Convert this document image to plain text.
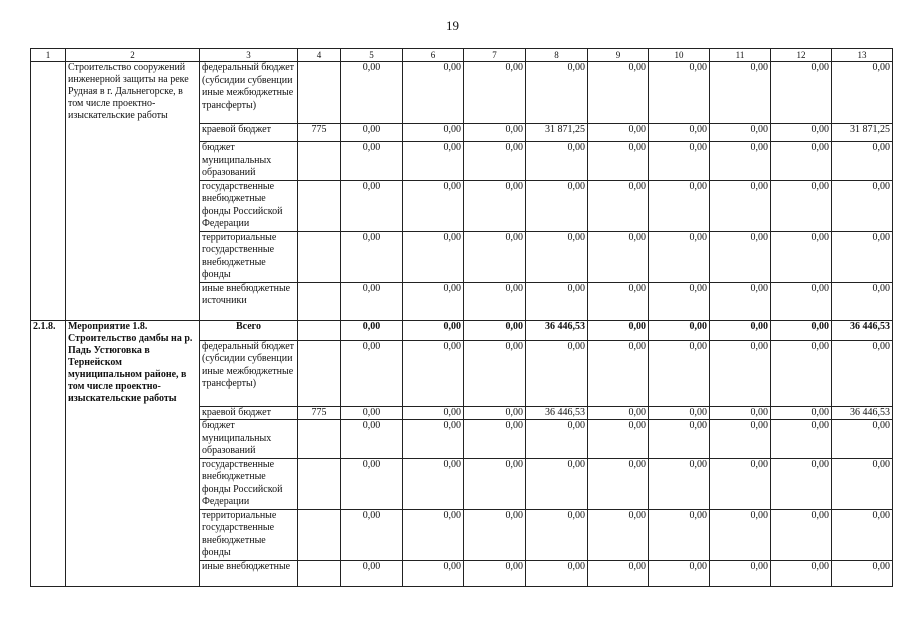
19
1	2	3	4	5	6	7	8	9	10	11	12	13
	Строительство сооружений инженерной защиты на реке Рудная в г. Дальнегорске, в том числе проектно-изыскательские работы	федеральный бюджет (субсидии субвенции иные межбюджетные трансферты)		0,00	0,00	0,00	0,00	0,00	0,00	0,00	0,00	0,00
		краевой бюджет	775	0,00	0,00	0,00	31 871,25	0,00	0,00	0,00	0,00	31 871,25
		бюджет муниципальных образований		0,00	0,00	0,00	0,00	0,00	0,00	0,00	0,00	0,00
		государственные внебюджетные фонды Российской Федерации		0,00	0,00	0,00	0,00	0,00	0,00	0,00	0,00	0,00
		территориальные государственные внебюджетные фонды		0,00	0,00	0,00	0,00	0,00	0,00	0,00	0,00	0,00
		иные внебюджетные источники		0,00	0,00	0,00	0,00	0,00	0,00	0,00	0,00	0,00
2.1.8.	Мероприятие 1.8. Строительство дамбы на р. Падь Устюговка в Тернейском муниципальном районе, в том числе проектно-изыскательские работы	Всего		0,00	0,00	0,00	36 446,53	0,00	0,00	0,00	0,00	36 446,53
		федеральный бюджет (субсидии субвенции иные межбюджетные трансферты)		0,00	0,00	0,00	0,00	0,00	0,00	0,00	0,00	0,00
		краевой бюджет	775	0,00	0,00	0,00	36 446,53	0,00	0,00	0,00	0,00	36 446,53
		бюджет муниципальных образований		0,00	0,00	0,00	0,00	0,00	0,00	0,00	0,00	0,00
		государственные внебюджетные фонды Российской Федерации		0,00	0,00	0,00	0,00	0,00	0,00	0,00	0,00	0,00
		территориальные государственные внебюджетные фонды		0,00	0,00	0,00	0,00	0,00	0,00	0,00	0,00	0,00
		иные внебюджетные		0,00	0,00	0,00	0,00	0,00	0,00	0,00	0,00	0,00
